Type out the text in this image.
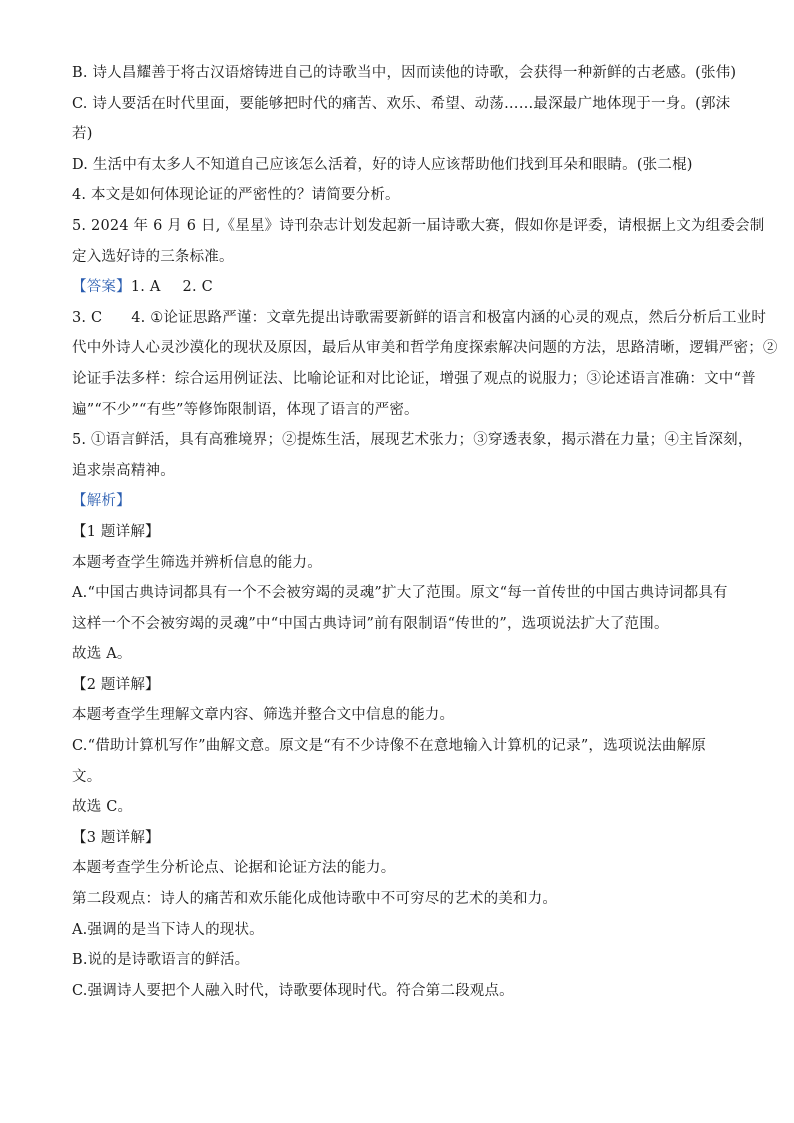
B. 诗人昌耀善于将古汉语熔铸进自己的诗歌当中，因而读他的诗歌，会获得一种新鲜的古老感。(张伟)
C. 诗人要活在时代里面，要能够把时代的痛苦、欢乐、希望、动荡……最深最广地体现于一身。(郭沫
若)
D. 生活中有太多人不知道自己应该怎么活着，好的诗人应该帮助他们找到耳朵和眼睛。(张二棍)
4. 本文是如何体现论证的严密性的？请简要分析。
5. 2024 年 6 月 6 日,《星星》诗刊杂志计划发起新一届诗歌大赛，假如你是评委，请根据上文为组委会制
定入选好诗的三条标准。
【答案】1. A 2. C
3. C      4. ①论证思路严谨：文章先提出诗歌需要新鲜的语言和极富内涵的心灵的观点，然后分析后工业时
代中外诗人心灵沙漠化的现状及原因，最后从审美和哲学角度探索解决问题的方法，思路清晰，逻辑严密；②
论证手法多样：综合运用例证法、比喻论证和对比论证，增强了观点的说服力；③论述语言准确：文中“普
遍”“不少”“有些”等修饰限制语，体现了语言的严密。
5. ①语言鲜活，具有高雅境界；②提炼生活，展现艺术张力；③穿透表象，揭示潜在力量；④主旨深刻，
追求崇高精神。
【解析】
【1 题详解】
本题考查学生筛选并辨析信息的能力。
A.“中国古典诗词都具有一个不会被穷竭的灵魂”扩大了范围。原文“每一首传世的中国古典诗词都具有
这样一个不会被穷竭的灵魂”中“中国古典诗词”前有限制语“传世的”，选项说法扩大了范围。
故选 A。
【2 题详解】
本题考查学生理解文章内容、筛选并整合文中信息的能力。
C.“借助计算机写作”曲解文意。原文是“有不少诗像不在意地输入计算机的记录”，选项说法曲解原
文。
故选 C。
【3 题详解】
本题考查学生分析论点、论据和论证方法的能力。
第二段观点：诗人的痛苦和欢乐能化成他诗歌中不可穷尽的艺术的美和力。
A.强调的是当下诗人的现状。
B.说的是诗歌语言的鲜活。
C.强调诗人要把个人融入时代，诗歌要体现时代。符合第二段观点。
